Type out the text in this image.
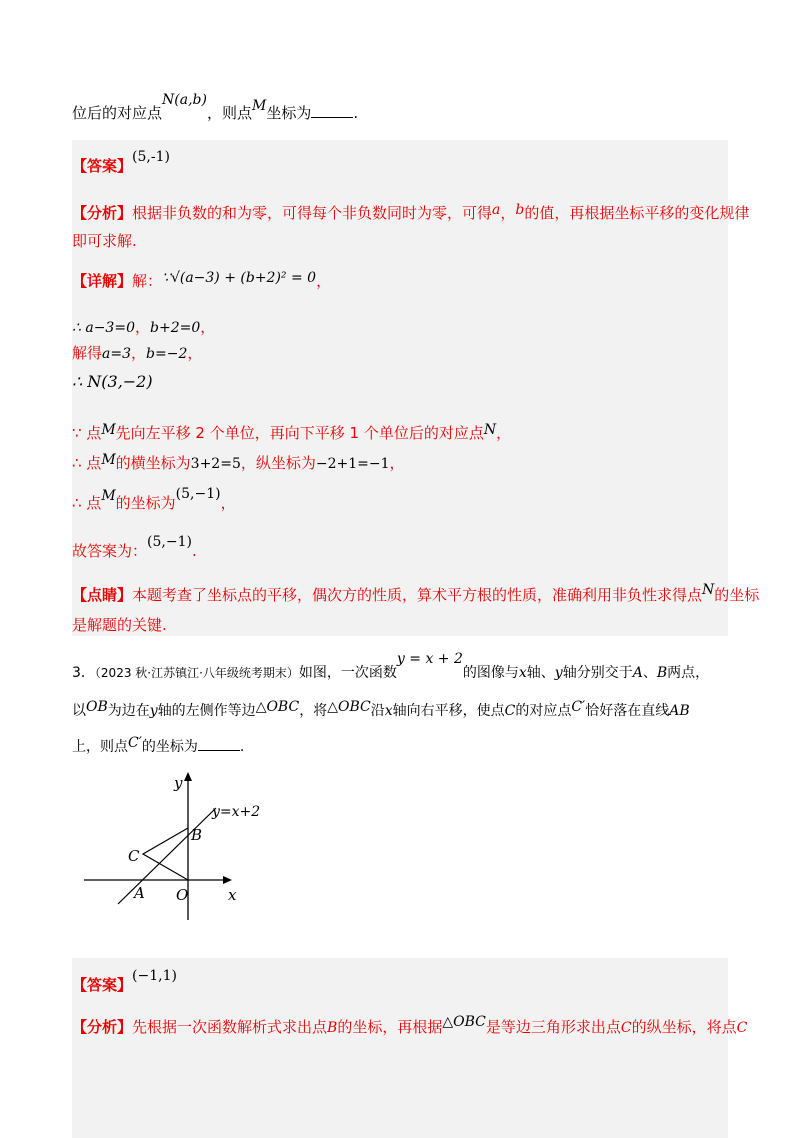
位后的对应点N(a,b)，则点M坐标为	.
【答案】(5,-1)
【分析】根据非负数的和为零，可得每个非负数同时为零，可得a，b的值，再根据坐标平移的变化规律
即可求解.
【详解】解：∵√(a−3) + (b+2)² = 0，
∴ a−3=0，b+2=0，
解得a=3，b=−2，
∴ N(3,−2)
∵ 点M先向左平移 2 个单位，再向下平移 1 个单位后的对应点N，
∴ 点M的横坐标为3+2=5，纵坐标为−2+1=−1，
∴ 点M的坐标为(5,−1)，
故答案为：(5,−1).
【点睛】本题考查了坐标点的平移，偶次方的性质，算术平方根的性质，准确利用非负性求得点N的坐标
是解题的关键.
3．（2023 秋·江苏镇江·八年级统考期末）如图，一次函数y = x + 2的图像与x轴、y轴分别交于A、B两点，
以OB为边在y轴的左侧作等边△OBC，将△OBC沿x轴向右平移，使点C的对应点C′恰好落在直线AB
上，则点C′的坐标为	.
y
x
y=x+2
B
C
A O
【答案】(−1,1)
【分析】先根据一次函数解析式求出点B的坐标，再根据△OBC是等边三角形求出点C的纵坐标，将点C
